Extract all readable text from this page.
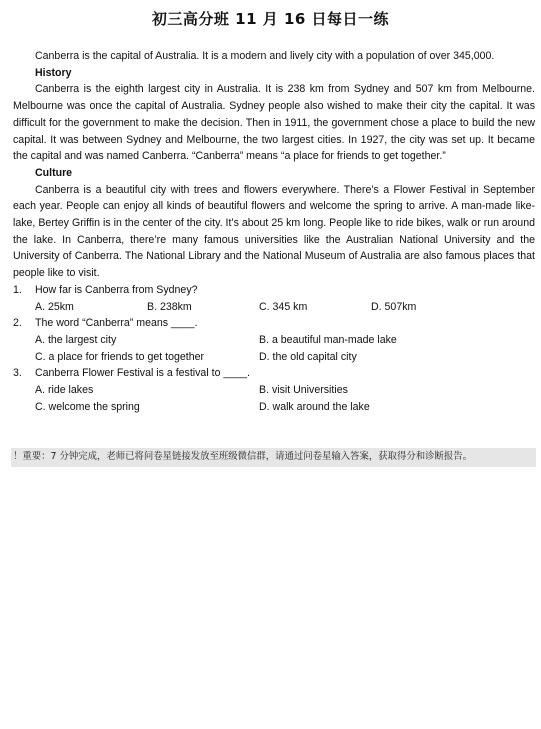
初三高分班 11 月 16 日每日一练

Canberra is the capital of Australia. It is a modern and lively city with a population of over 345,000.

History

Canberra is the eighth largest city in Australia. It is 238 km from Sydney and 507 km from Melbourne. Melbourne was once the capital of Australia. Sydney people also wished to make their city the capital. It was difficult for the government to make the decision. Then in 1911, the government chose a place to build the new capital. It was between Sydney and Melbourne, the two largest cities. In 1927, the city was set up. It became the capital and was named Canberra. “Canberra” means “a place for friends to get together.”

Culture

Canberra is a beautiful city with trees and flowers everywhere. There’s a Flower Festival in September each year. People can enjoy all kinds of beautiful flowers and welcome the spring to arrive. A man-made like-lake, Bertey Griffin is in the center of the city. It’s about 25 km long. People like to ride bikes, walk or run around the lake. In Canberra, there’re many famous universities like the Australian National University and the University of Canberra. The National Library and the National Museum of Australia are also famous places that people like to visit.

1. How far is Canberra from Sydney?

A. 25km	B. 238km	C. 345 km	D. 507km

2. The word “Canberra” means ____.

A. the largest city	B. a beautiful man-made lake
C. a place for friends to get together	D. the old capital city

3. Canberra Flower Festival is a festival to ____.

A. ride lakes	B. visit Universities
C. welcome the spring	D. walk around the lake
！重要：7 分钟完成，老师已将问卷星链接发放至班级微信群，请通过问卷星输入答案，获取得分和诊断报告。
